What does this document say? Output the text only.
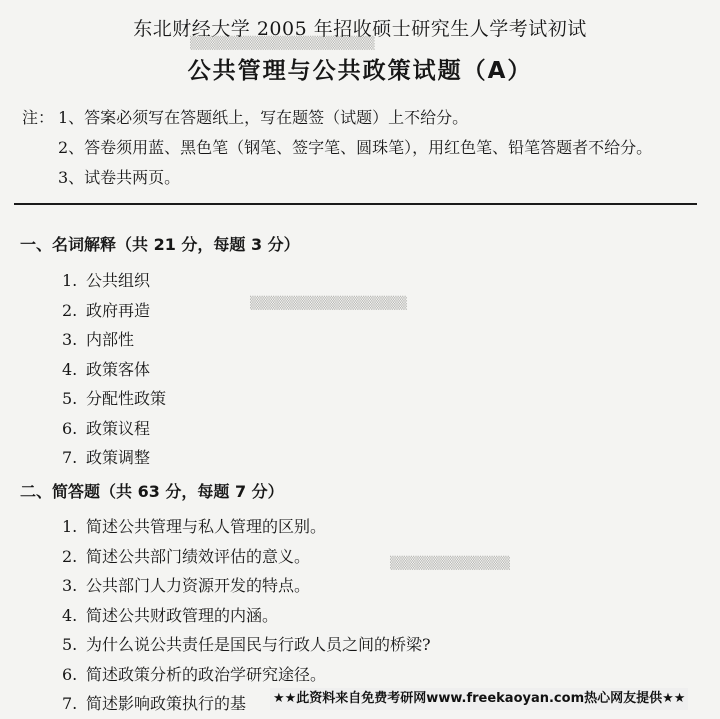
▒▒▒▒▒▒▒▒▒▒▒▒▒▒▒▒▒▒▒▒
▒▒▒▒▒▒▒▒▒▒▒▒▒▒▒▒▒
▒▒▒▒▒▒▒▒▒▒▒▒▒
东北财经大学 2005 年招收硕士研究生人学考试初试
公共管理与公共政策试题（A）
注： 1、答案必须写在答题纸上，写在题签（试题）上不给分。
2、答卷须用蓝、黑色笔（钢笔、签字笔、圆珠笔），用红色笔、铅笔答题者不给分。
3、试卷共两页。
一、名词解释（共 21 分，每题 3 分）
1. 公共组织
2. 政府再造
3. 内部性
4. 政策客体
5. 分配性政策
6. 政策议程
7. 政策调整
二、简答题（共 63 分，每题 7 分）
1. 简述公共管理与私人管理的区别。
2. 简述公共部门绩效评估的意义。
3. 公共部门人力资源开发的特点。
4. 简述公共财政管理的内涵。
5. 为什么说公共责任是国民与行政人员之间的桥梁?
6. 简述政策分析的政治学研究途径。
7. 简述影响政策执行的基	★★此资料来自免费考研网www.freekaoyan.com热心网友提供★★
